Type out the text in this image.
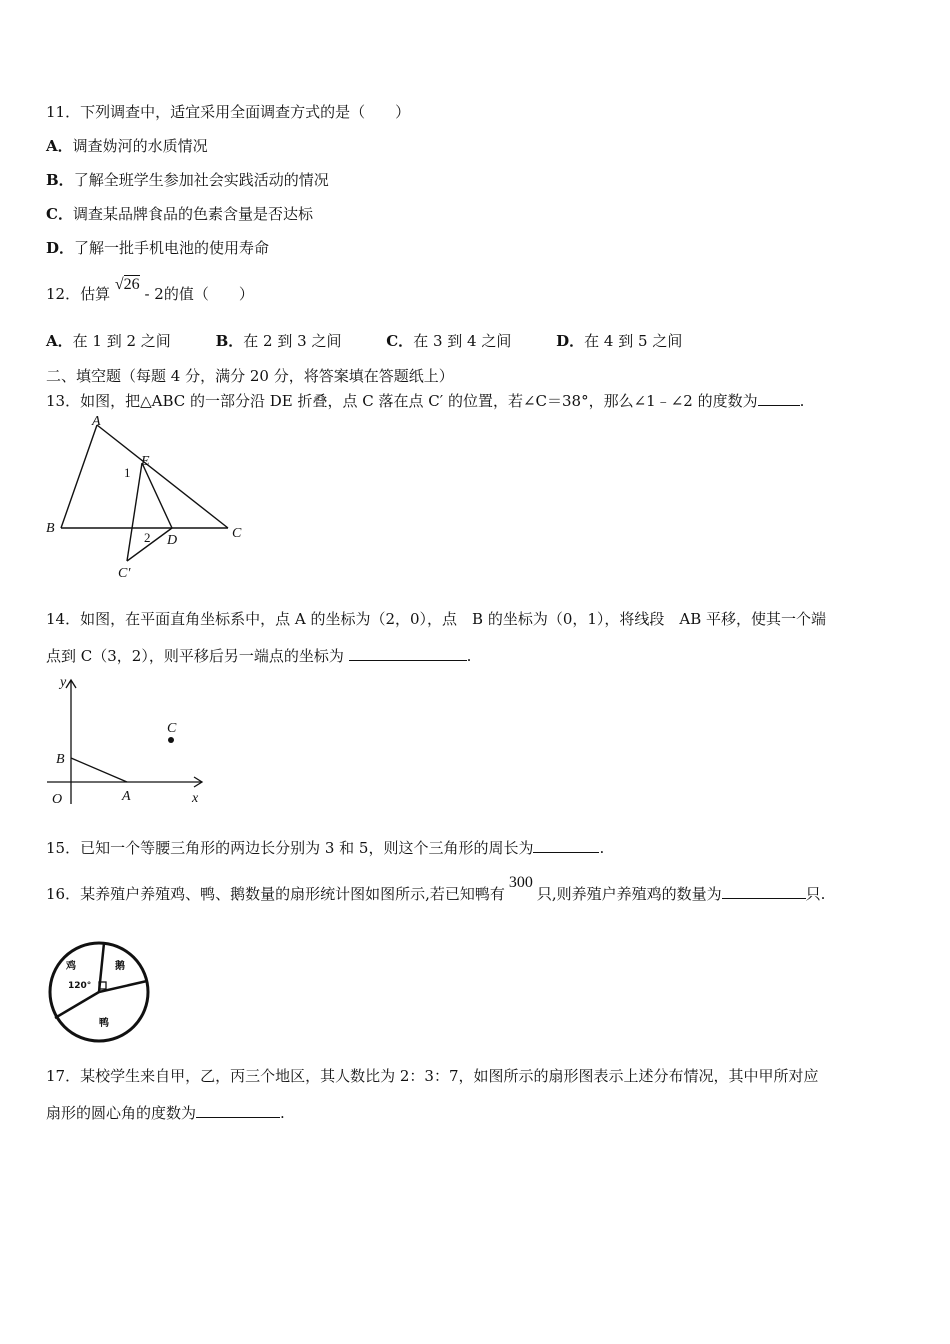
11．下列调查中，适宜采用全面调查方式的是（　　）
A．调查妫河的水质情况
B．了解全班学生参加社会实践活动的情况
C．调查某品牌食品的色素含量是否达标
D．了解一批手机电池的使用寿命
12．估算 √26 - 2的值（　　）
A．在 1 到 2 之间	B．在 2 到 3 之间	C．在 3 到 4 之间	D．在 4 到 5 之间
二、填空题（每题 4 分，满分 20 分，将答案填在答题纸上）
13．如图，把△ABC 的一部分沿 DE 折叠，点 C 落在点 C′ 的位置，若∠C＝38°，那么∠1﹣∠2 的度数为	.
A
B	C
D
E
C′
1
2
14．如图，在平面直角坐标系中，点 A 的坐标为（2，0），点　B 的坐标为（0，1），将线段　AB 平移，使其一个端
点到 C（3，2），则平移后另一端点的坐标为	.
y
x
O	A
B
C
15．已知一个等腰三角形的两边长分别为 3 和 5，则这个三角形的周长为	.
16．某养殖户养殖鸡、鸭、鹅数量的扇形统计图如图所示,若已知鸭有300只,则养殖户养殖鸡的数量为	只.
鸡	鹅
鸭
120°
17．某校学生来自甲，乙，丙三个地区，其人数比为 2：3：7，如图所示的扇形图表示上述分布情况，其中甲所对应
扇形的圆心角的度数为	.
